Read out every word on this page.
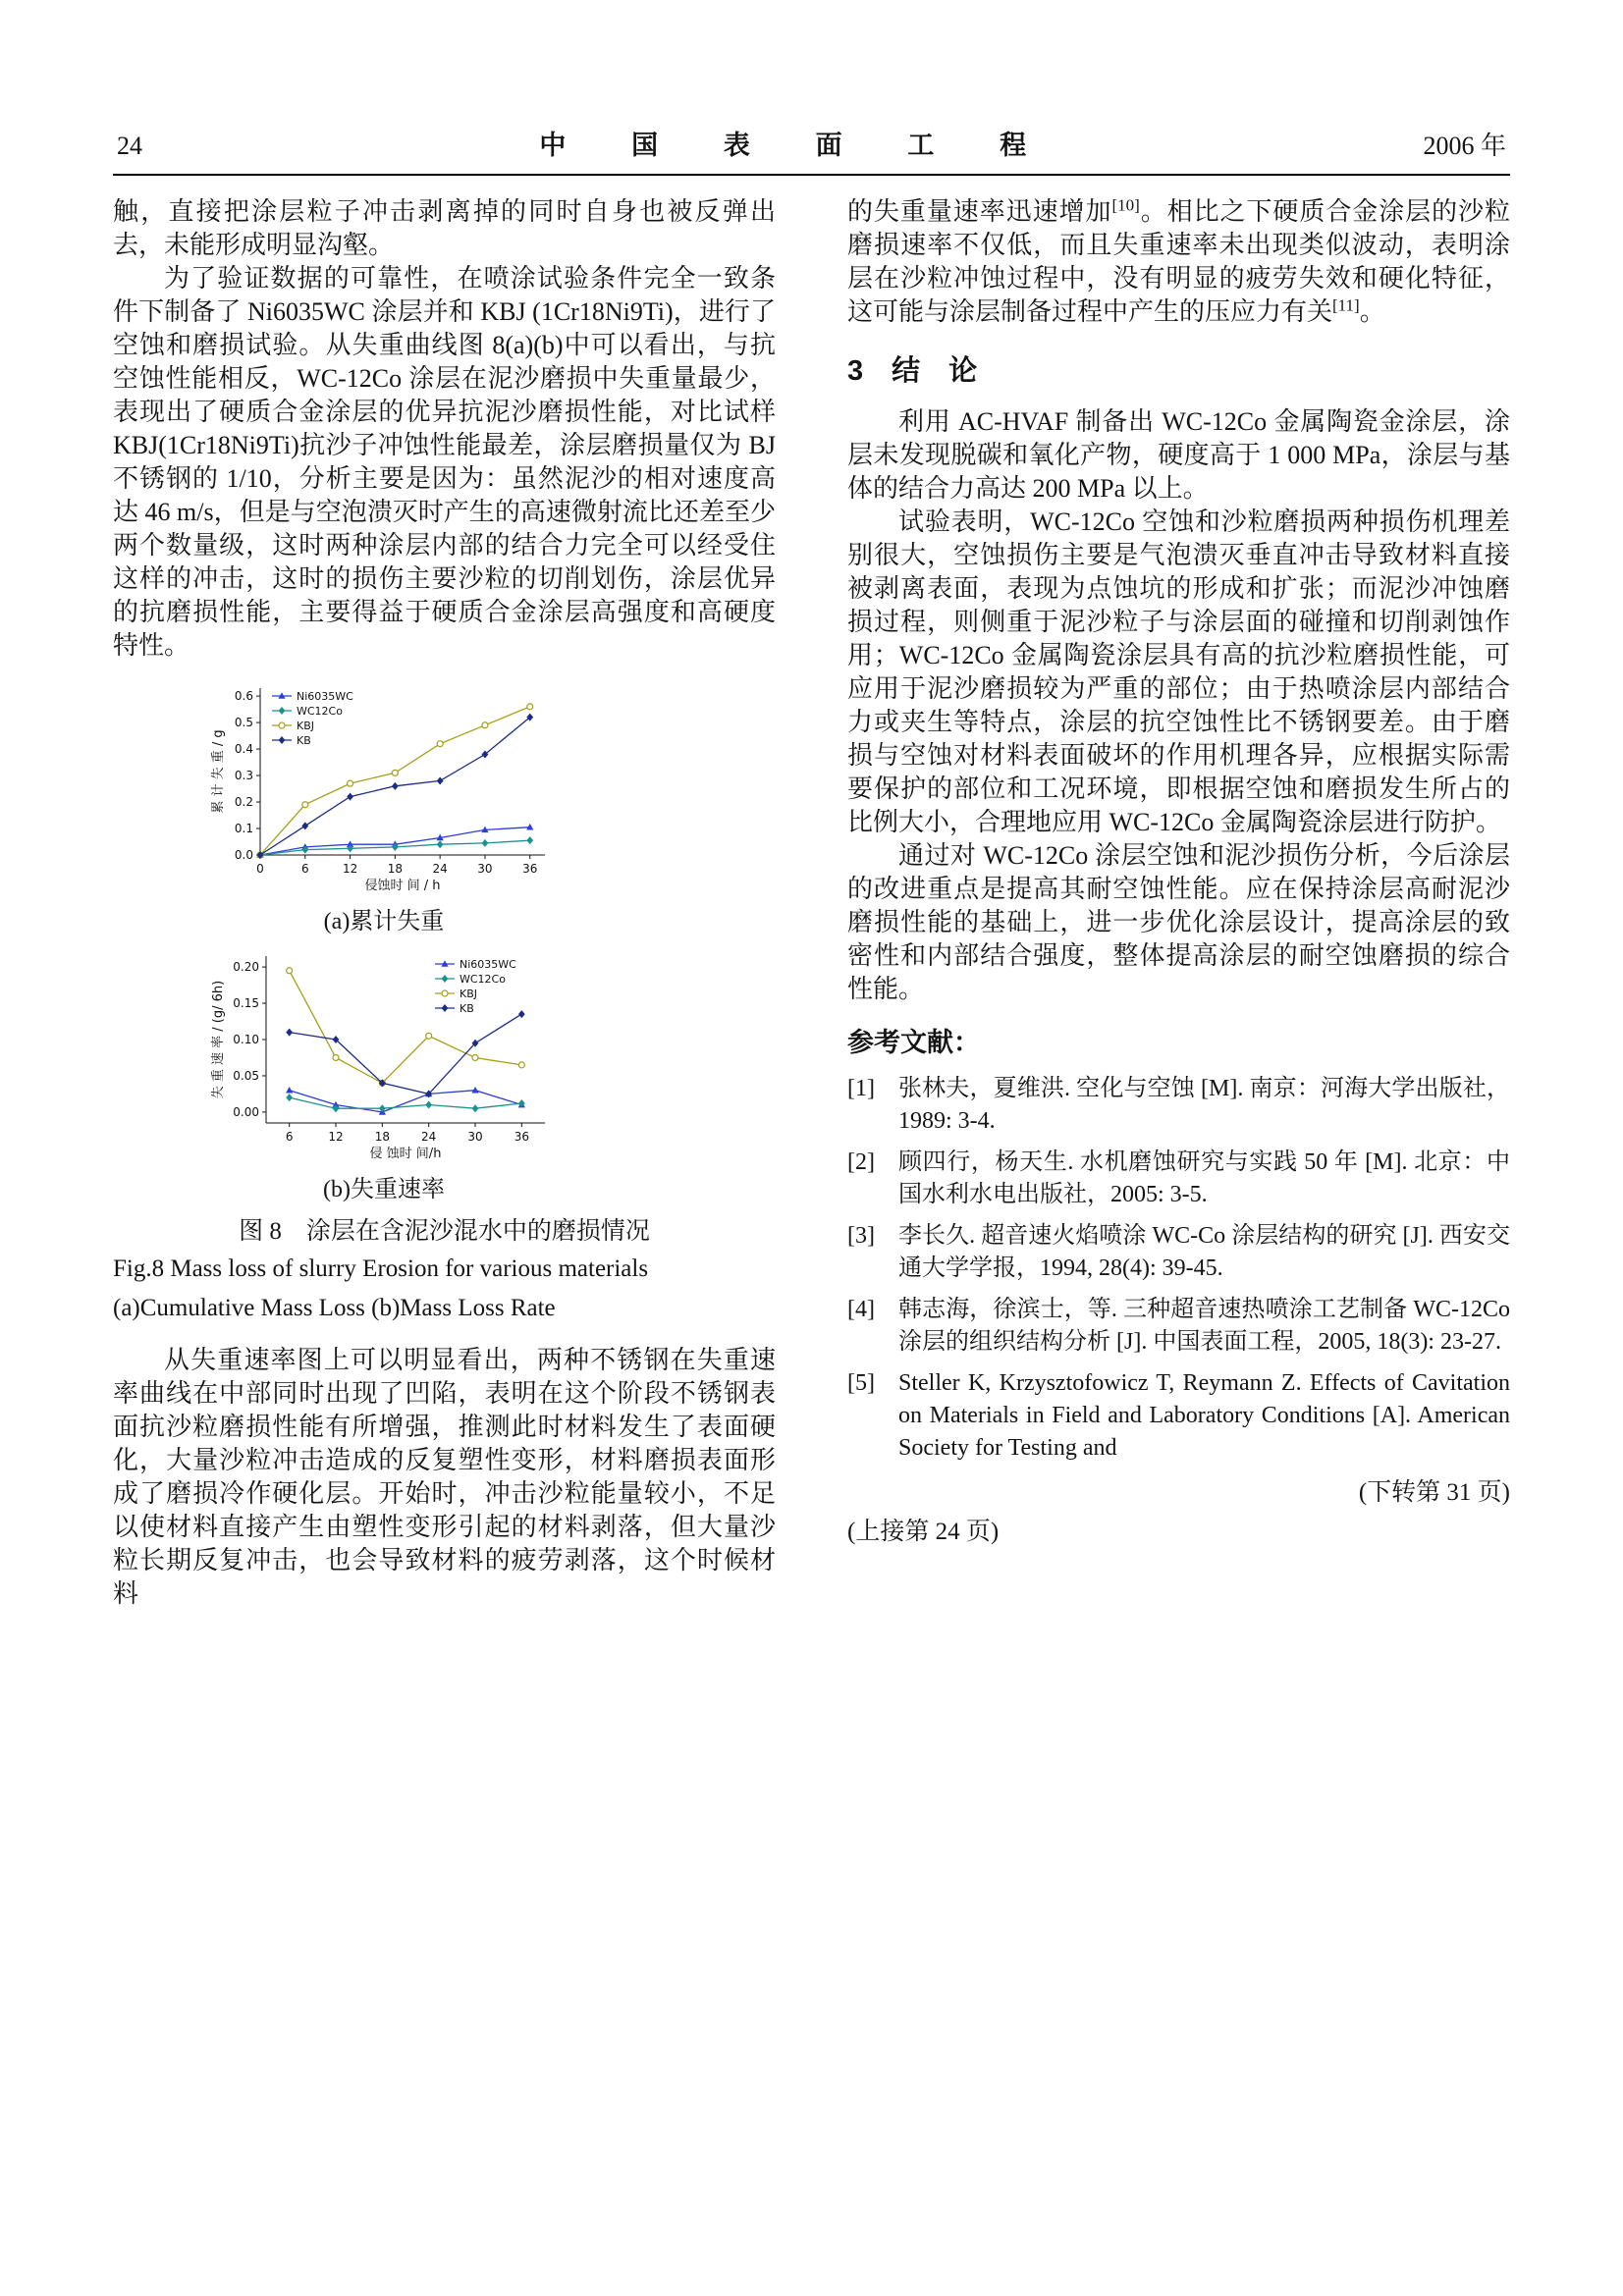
24	中 国 表 面 工 程	2006 年

触，直接把涂层粒子冲击剥离掉的同时自身也被反弹出去，未能形成明显沟壑。

为了验证数据的可靠性，在喷涂试验条件完全一致条件下制备了 Ni6035WC 涂层并和 KBJ (1Cr18Ni9Ti)，进行了空蚀和磨损试验。从失重曲线图 8(a)(b)中可以看出，与抗空蚀性能相反，WC-12Co 涂层在泥沙磨损中失重量最少，表现出了硬质合金涂层的优异抗泥沙磨损性能，对比试样 KBJ(1Cr18Ni9Ti)抗沙子冲蚀性能最差，涂层磨损量仅为 BJ 不锈钢的 1/10，分析主要是因为：虽然泥沙的相对速度高达 46 m/s，但是与空泡溃灭时产生的高速微射流比还差至少两个数量级，这时两种涂层内部的结合力完全可以经受住这样的冲击，这时的损伤主要沙粒的切削划伤，涂层优异的抗磨损性能，主要得益于硬质合金涂层高强度和高硬度特性。

0	6	12	18	24	30	36
0.0
0.1
0.2
0.3
0.4
0.5
0.6
侵蚀时 间 / h
累 计 失 重 / g
Ni6035WC
WC12Co
KBJ
KB
(a)累计失重
6	12	18	24	30	36
0.00
0.05
0.10
0.15
0.20
侵 蚀时 间/h
失 重 速 率 / (g/ 6h)
Ni6035WC
WC12Co
KBJ
KB
(b)失重速率
图 8　涂层在含泥沙混水中的磨损情况
Fig.8 Mass loss of slurry Erosion for various materials
(a)Cumulative Mass Loss (b)Mass Loss Rate

从失重速率图上可以明显看出，两种不锈钢在失重速率曲线在中部同时出现了凹陷，表明在这个阶段不锈钢表面抗沙粒磨损性能有所增强，推测此时材料发生了表面硬化，大量沙粒冲击造成的反复塑性变形，材料磨损表面形成了磨损冷作硬化层。开始时，冲击沙粒能量较小，不足以使材料直接产生由塑性变形引起的材料剥落，但大量沙粒长期反复冲击，也会导致材料的疲劳剥落，这个时候材料

的失重量速率迅速增加[10]。相比之下硬质合金涂层的沙粒磨损速率不仅低，而且失重速率未出现类似波动，表明涂层在沙粒冲蚀过程中，没有明显的疲劳失效和硬化特征，这可能与涂层制备过程中产生的压应力有关[11]。

3　结　论

利用 AC-HVAF 制备出 WC-12Co 金属陶瓷金涂层，涂层未发现脱碳和氧化产物，硬度高于 1 000 MPa，涂层与基体的结合力高达 200 MPa 以上。

试验表明，WC-12Co 空蚀和沙粒磨损两种损伤机理差别很大，空蚀损伤主要是气泡溃灭垂直冲击导致材料直接被剥离表面，表现为点蚀坑的形成和扩张；而泥沙冲蚀磨损过程，则侧重于泥沙粒子与涂层面的碰撞和切削剥蚀作用；WC-12Co 金属陶瓷涂层具有高的抗沙粒磨损性能，可应用于泥沙磨损较为严重的部位；由于热喷涂层内部结合力或夹生等特点，涂层的抗空蚀性比不锈钢要差。由于磨损与空蚀对材料表面破坏的作用机理各异，应根据实际需要保护的部位和工况环境，即根据空蚀和磨损发生所占的比例大小，合理地应用 WC-12Co 金属陶瓷涂层进行防护。

通过对 WC-12Co 涂层空蚀和泥沙损伤分析，今后涂层的改进重点是提高其耐空蚀性能。应在保持涂层高耐泥沙磨损性能的基础上，进一步优化涂层设计，提高涂层的致密性和内部结合强度，整体提高涂层的耐空蚀磨损的综合性能。

参考文献：
[1]	张林夫，夏维洪. 空化与空蚀 [M]. 南京：河海大学出版社，1989: 3-4.
[2]	顾四行，杨天生. 水机磨蚀研究与实践 50 年 [M]. 北京：中国水利水电出版社，2005: 3-5.
[3]	李长久. 超音速火焰喷涂 WC-Co 涂层结构的研究 [J]. 西安交通大学学报，1994, 28(4): 39-45.
[4]	韩志海，徐滨士，等. 三种超音速热喷涂工艺制备 WC-12Co 涂层的组织结构分析 [J]. 中国表面工程，2005, 18(3): 23-27.
[5]	Steller K, Krzysztofowicz T, Reymann Z. Effects of Cavitation on Materials in Field and Laboratory Conditions [A]. American Society for Testing and
(下转第 31 页)
(上接第 24 页)
